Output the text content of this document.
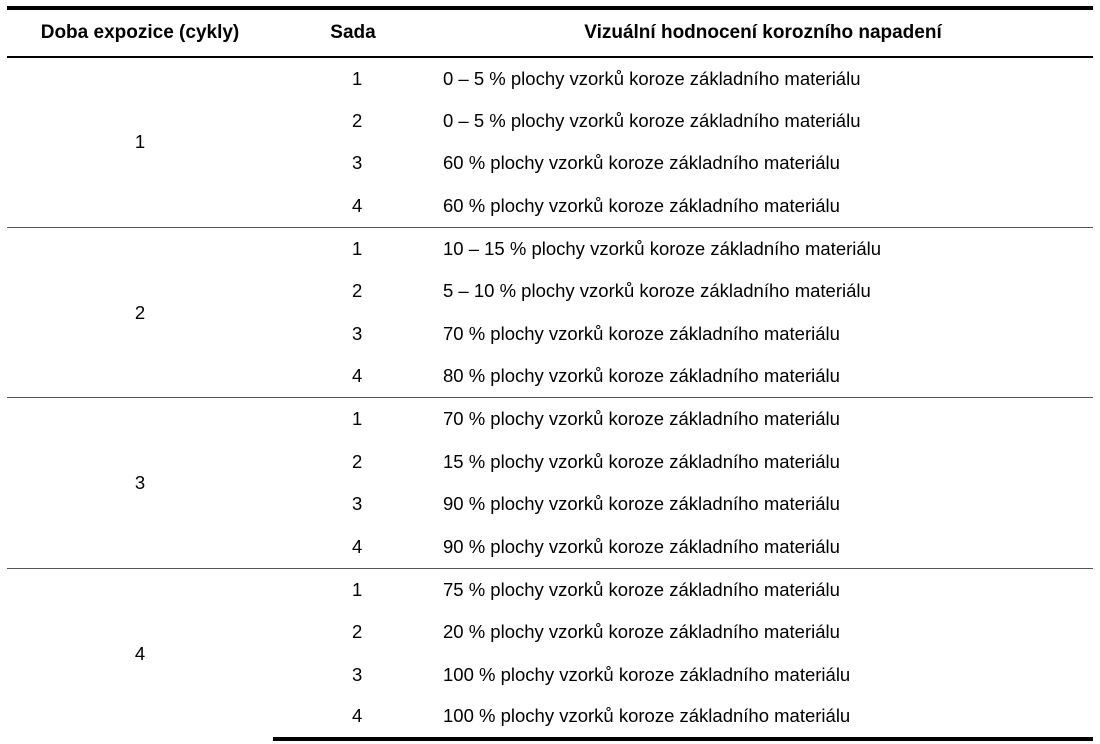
Doba expozice (cykly)	Sada	Vizuální hodnocení korozního napadení
1	1	0 – 5 % plochy vzorků koroze základního materiálu
	2	0 – 5 % plochy vzorků koroze základního materiálu
	3	60 % plochy vzorků koroze základního materiálu
	4	60 % plochy vzorků koroze základního materiálu
2	1	10 – 15 % plochy vzorků koroze základního materiálu
	2	5 – 10 % plochy vzorků koroze základního materiálu
	3	70 % plochy vzorků koroze základního materiálu
	4	80 % plochy vzorků koroze základního materiálu
3	1	70 % plochy vzorků koroze základního materiálu
	2	15 % plochy vzorků koroze základního materiálu
	3	90 % plochy vzorků koroze základního materiálu
	4	90 % plochy vzorků koroze základního materiálu
4	1	75 % plochy vzorků koroze základního materiálu
	2	20 % plochy vzorků koroze základního materiálu
	3	100 % plochy vzorků koroze základního materiálu
	4	100 % plochy vzorků koroze základního materiálu
